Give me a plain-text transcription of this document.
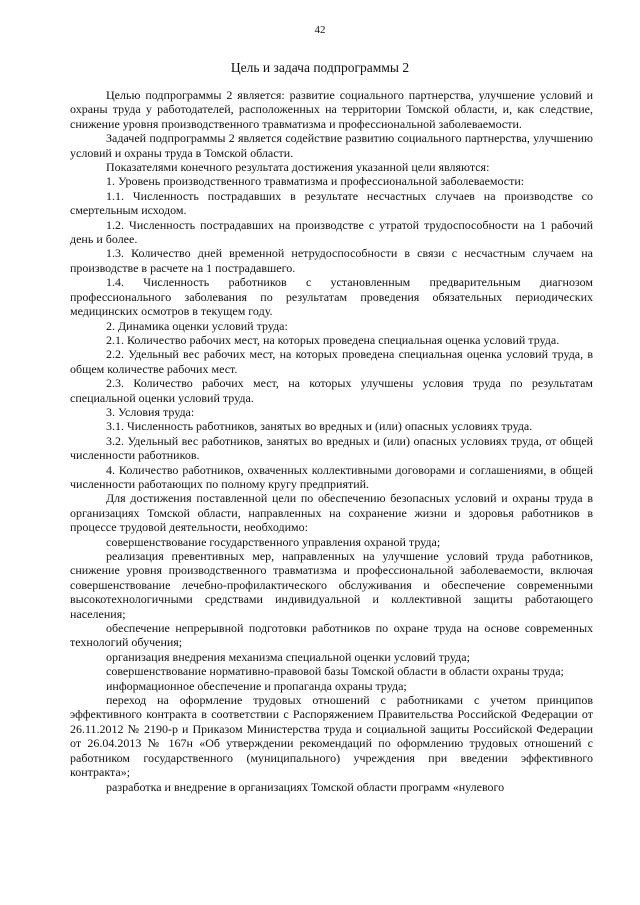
42
Цель и задача подпрограммы 2

Целью подпрограммы 2 является: развитие социального партнерства, улучшение условий и охраны труда у работодателей, расположенных на территории Томской области, и, как следствие, снижение уровня производственного травматизма и профессиональной заболеваемости.

Задачей подпрограммы 2 является содействие развитию социального партнерства, улучшению условий и охраны труда в Томской области.

Показателями конечного результата достижения указанной цели являются:

1. Уровень производственного травматизма и профессиональной заболеваемости:

1.1. Численность пострадавших в результате несчастных случаев на производстве со смертельным исходом.

1.2. Численность пострадавших на производстве с утратой трудоспособности на 1 рабочий день и более.

1.3. Количество дней временной нетрудоспособности в связи с несчастным случаем на производстве в расчете на 1 пострадавшего.

1.4. Численность работников с установленным предварительным диагнозом профессионального заболевания по результатам проведения обязательных периодических медицинских осмотров в текущем году.

2. Динамика оценки условий труда:

2.1. Количество рабочих мест, на которых проведена специальная оценка условий труда.

2.2. Удельный вес рабочих мест, на которых проведена специальная оценка условий труда, в общем количестве рабочих мест.

2.3. Количество рабочих мест, на которых улучшены условия труда по результатам специальной оценки условий труда.

3. Условия труда:

3.1. Численность работников, занятых во вредных и (или) опасных условиях труда.

3.2. Удельный вес работников, занятых во вредных и (или) опасных условиях труда, от общей численности работников.

4. Количество работников, охваченных коллективными договорами и соглашениями, в общей численности работающих по полному кругу предприятий.

Для достижения поставленной цели по обеспечению безопасных условий и охраны труда в организациях Томской области, направленных на сохранение жизни и здоровья работников в процессе трудовой деятельности, необходимо:

совершенствование государственного управления охраной труда;

реализация превентивных мер, направленных на улучшение условий труда работников, снижение уровня производственного травматизма и профессиональной заболеваемости, включая совершенствование лечебно-профилактического обслуживания и обеспечение современными высокотехнологичными средствами индивидуальной и коллективной защиты работающего населения;

обеспечение непрерывной подготовки работников по охране труда на основе современных технологий обучения;

организация внедрения механизма специальной оценки условий труда;

совершенствование нормативно-правовой базы Томской области в области охраны труда;

информационное обеспечение и пропаганда охраны труда;

переход на оформление трудовых отношений с работниками с учетом принципов эффективного контракта в соответствии с Распоряжением Правительства Российской Федерации от 26.11.2012 № 2190-р и Приказом Министерства труда и социальной защиты Российской Федерации от 26.04.2013 № 167н «Об утверждении рекомендаций по оформлению трудовых отношений с работником государственного (муниципального) учреждения при введении эффективного контракта»;

разработка и внедрение в организациях Томской области программ «нулевого
